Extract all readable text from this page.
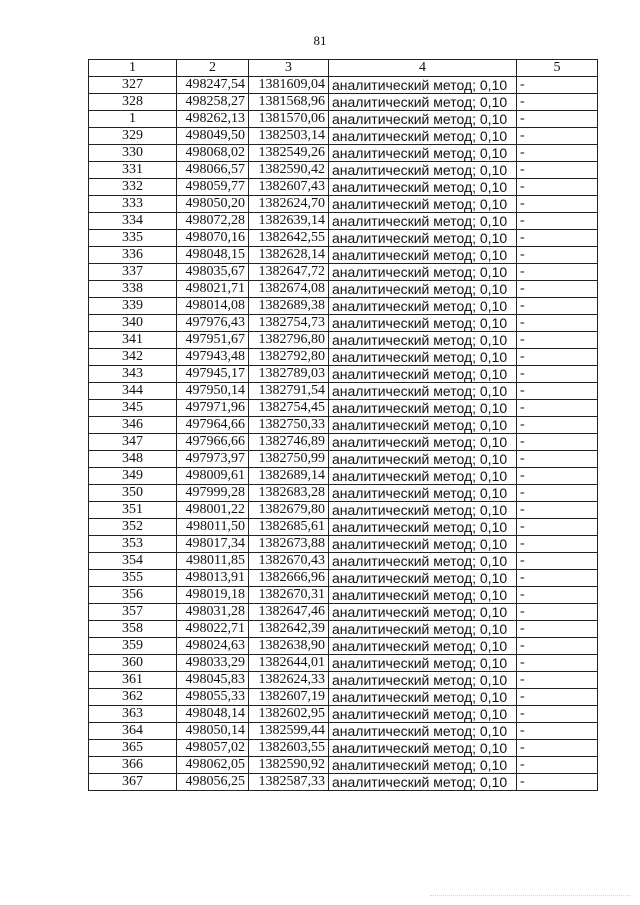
81
1	2	3	4	5
327	498247,54	1381609,04	аналитический метод; 0,10	-
328	498258,27	1381568,96	аналитический метод; 0,10	-
1	498262,13	1381570,06	аналитический метод; 0,10	-
329	498049,50	1382503,14	аналитический метод; 0,10	-
330	498068,02	1382549,26	аналитический метод; 0,10	-
331	498066,57	1382590,42	аналитический метод; 0,10	-
332	498059,77	1382607,43	аналитический метод; 0,10	-
333	498050,20	1382624,70	аналитический метод; 0,10	-
334	498072,28	1382639,14	аналитический метод; 0,10	-
335	498070,16	1382642,55	аналитический метод; 0,10	-
336	498048,15	1382628,14	аналитический метод; 0,10	-
337	498035,67	1382647,72	аналитический метод; 0,10	-
338	498021,71	1382674,08	аналитический метод; 0,10	-
339	498014,08	1382689,38	аналитический метод; 0,10	-
340	497976,43	1382754,73	аналитический метод; 0,10	-
341	497951,67	1382796,80	аналитический метод; 0,10	-
342	497943,48	1382792,80	аналитический метод; 0,10	-
343	497945,17	1382789,03	аналитический метод; 0,10	-
344	497950,14	1382791,54	аналитический метод; 0,10	-
345	497971,96	1382754,45	аналитический метод; 0,10	-
346	497964,66	1382750,33	аналитический метод; 0,10	-
347	497966,66	1382746,89	аналитический метод; 0,10	-
348	497973,97	1382750,99	аналитический метод; 0,10	-
349	498009,61	1382689,14	аналитический метод; 0,10	-
350	497999,28	1382683,28	аналитический метод; 0,10	-
351	498001,22	1382679,80	аналитический метод; 0,10	-
352	498011,50	1382685,61	аналитический метод; 0,10	-
353	498017,34	1382673,88	аналитический метод; 0,10	-
354	498011,85	1382670,43	аналитический метод; 0,10	-
355	498013,91	1382666,96	аналитический метод; 0,10	-
356	498019,18	1382670,31	аналитический метод; 0,10	-
357	498031,28	1382647,46	аналитический метод; 0,10	-
358	498022,71	1382642,39	аналитический метод; 0,10	-
359	498024,63	1382638,90	аналитический метод; 0,10	-
360	498033,29	1382644,01	аналитический метод; 0,10	-
361	498045,83	1382624,33	аналитический метод; 0,10	-
362	498055,33	1382607,19	аналитический метод; 0,10	-
363	498048,14	1382602,95	аналитический метод; 0,10	-
364	498050,14	1382599,44	аналитический метод; 0,10	-
365	498057,02	1382603,55	аналитический метод; 0,10	-
366	498062,05	1382590,92	аналитический метод; 0,10	-
367	498056,25	1382587,33	аналитический метод; 0,10	-
